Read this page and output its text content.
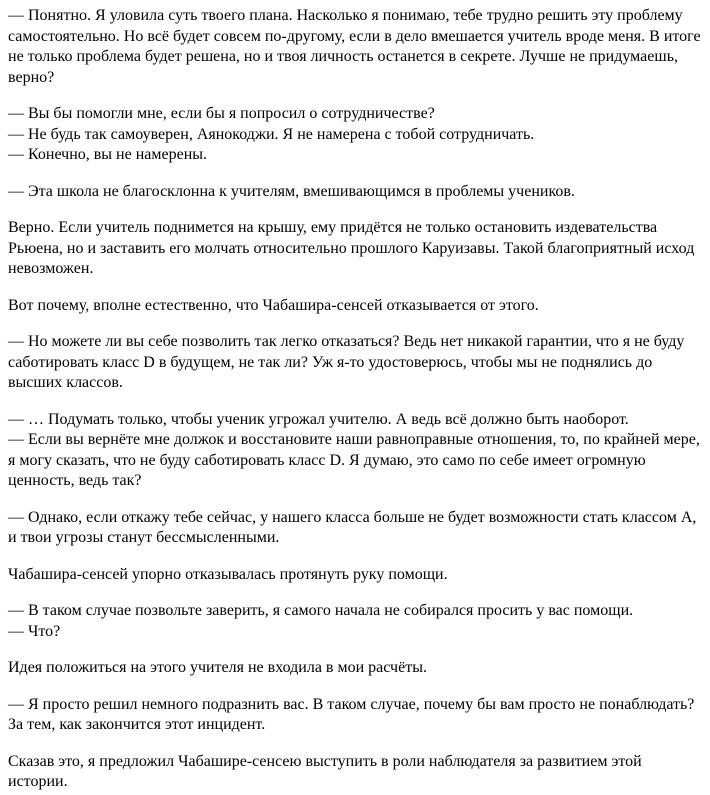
— Понятно. Я уловила суть твоего плана. Насколько я понимаю, тебе трудно решить эту проблему самостоятельно. Но всё будет совсем по-другому, если в дело вмешается учитель вроде меня. В итоге не только проблема будет решена, но и твоя личность останется в секрете. Лучше не придумаешь, верно?

— Вы бы помогли мне, если бы я попросил о сотрудничестве?
— Не будь так самоуверен, Аянокоджи. Я не намерена с тобой сотрудничать.
— Конечно, вы не намерены.

— Эта школа не благосклонна к учителям, вмешивающимся в проблемы учеников.

Верно. Если учитель поднимется на крышу, ему придётся не только остановить издевательства Рьюена, но и заставить его молчать относительно прошлого Каруизавы. Такой благоприятный исход невозможен.

Вот почему, вполне естественно, что Чабашира-сенсей отказывается от этого.

— Но можете ли вы себе позволить так легко отказаться? Ведь нет никакой гарантии, что я не буду саботировать класс D в будущем, не так ли? Уж я-то удостоверюсь, чтобы мы не поднялись до высших классов.

— … Подумать только, чтобы ученик угрожал учителю. А ведь всё должно быть наоборот.
— Если вы вернёте мне должок и восстановите наши равноправные отношения, то, по крайней мере, я могу сказать, что не буду саботировать класс D. Я думаю, это само по себе имеет огромную ценность, ведь так?

— Однако, если откажу тебе сейчас, у нашего класса больше не будет возможности стать классом А, и твои угрозы станут бессмысленными.

Чабашира-сенсей упорно отказывалась протянуть руку помощи.

— В таком случае позвольте заверить, я самого начала не собирался просить у вас помощи.
— Что?

Идея положиться на этого учителя не входила в мои расчёты.

— Я просто решил немного подразнить вас. В таком случае, почему бы вам просто не понаблюдать? За тем, как закончится этот инцидент.

Сказав это, я предложил Чабашире-сенсею выступить в роли наблюдателя за развитием этой истории.
